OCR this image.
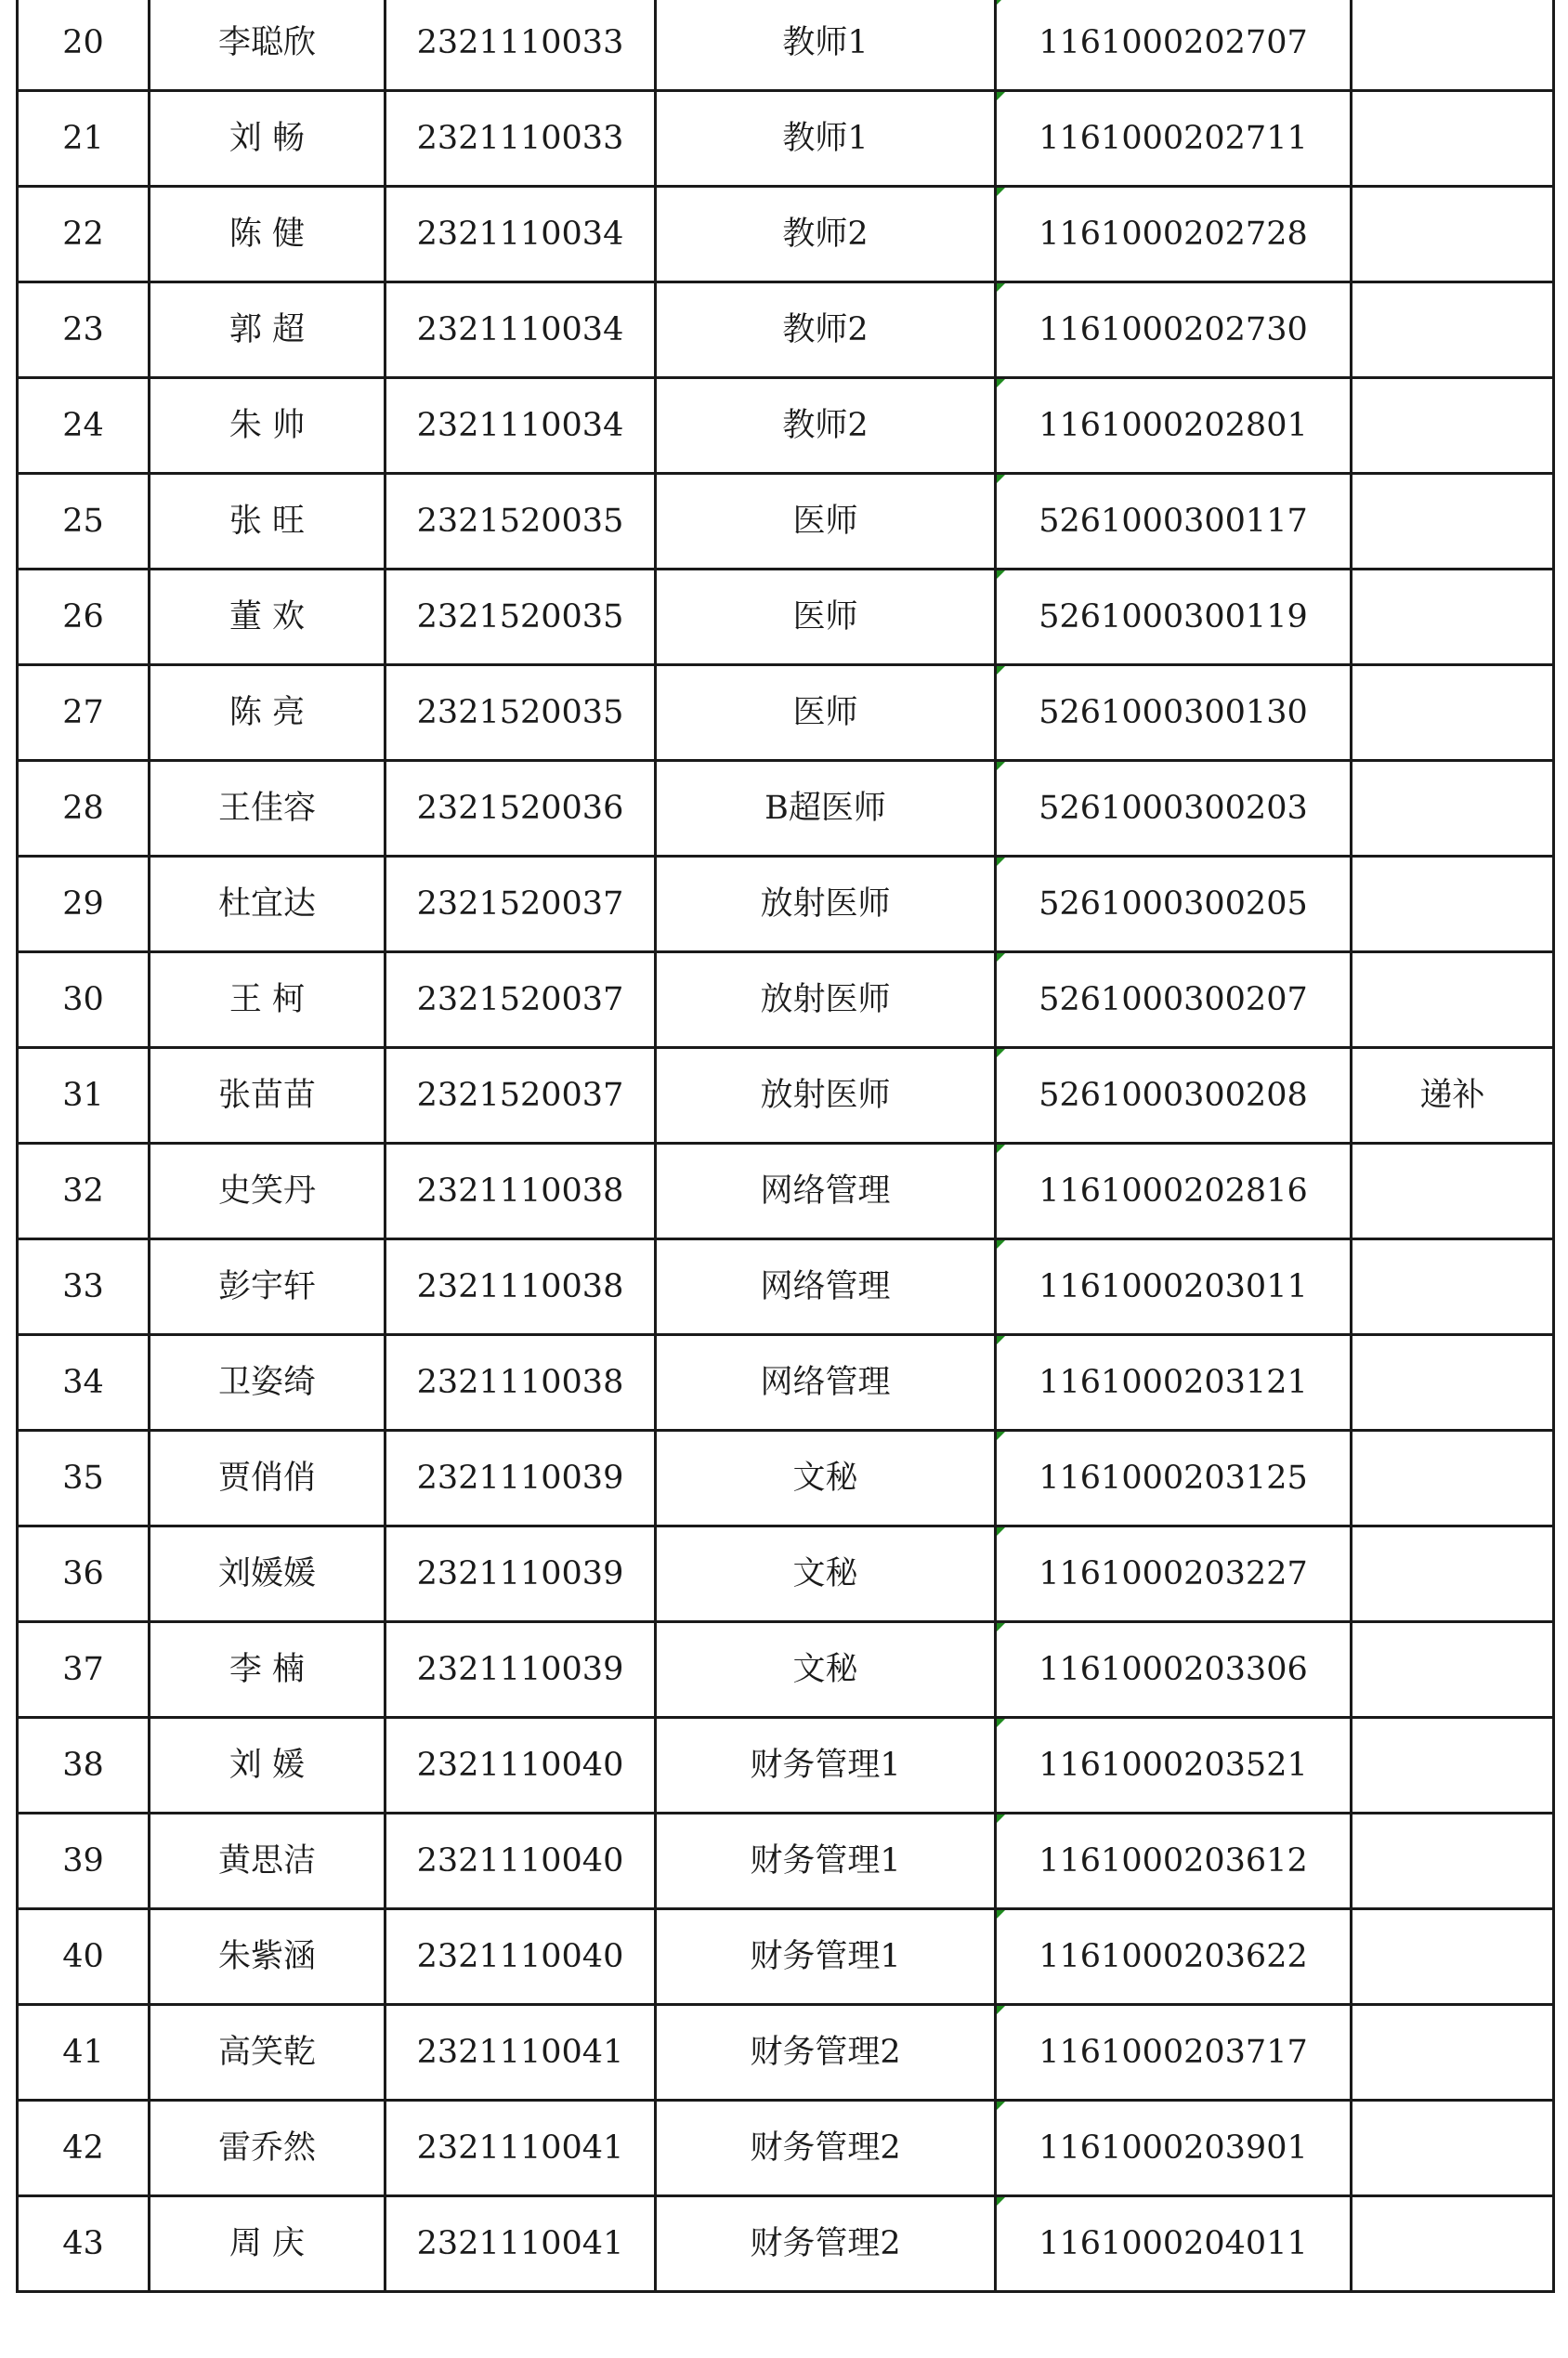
20	李聪欣	2321110033	教师1	1161000202707	
21	刘 畅	2321110033	教师1	1161000202711	
22	陈 健	2321110034	教师2	1161000202728	
23	郭 超	2321110034	教师2	1161000202730	
24	朱 帅	2321110034	教师2	1161000202801	
25	张 旺	2321520035	医师	5261000300117	
26	董 欢	2321520035	医师	5261000300119	
27	陈 亮	2321520035	医师	5261000300130	
28	王佳容	2321520036	B超医师	5261000300203	
29	杜宜达	2321520037	放射医师	5261000300205	
30	王 柯	2321520037	放射医师	5261000300207	
31	张苗苗	2321520037	放射医师	5261000300208	递补
32	史笑丹	2321110038	网络管理	1161000202816	
33	彭宇轩	2321110038	网络管理	1161000203011	
34	卫姿绮	2321110038	网络管理	1161000203121	
35	贾俏俏	2321110039	文秘	1161000203125	
36	刘媛媛	2321110039	文秘	1161000203227	
37	李 楠	2321110039	文秘	1161000203306	
38	刘 媛	2321110040	财务管理1	1161000203521	
39	黄思洁	2321110040	财务管理1	1161000203612	
40	朱紫涵	2321110040	财务管理1	1161000203622	
41	高笑乾	2321110041	财务管理2	1161000203717	
42	雷乔然	2321110041	财务管理2	1161000203901	
43	周 庆	2321110041	财务管理2	1161000204011	
